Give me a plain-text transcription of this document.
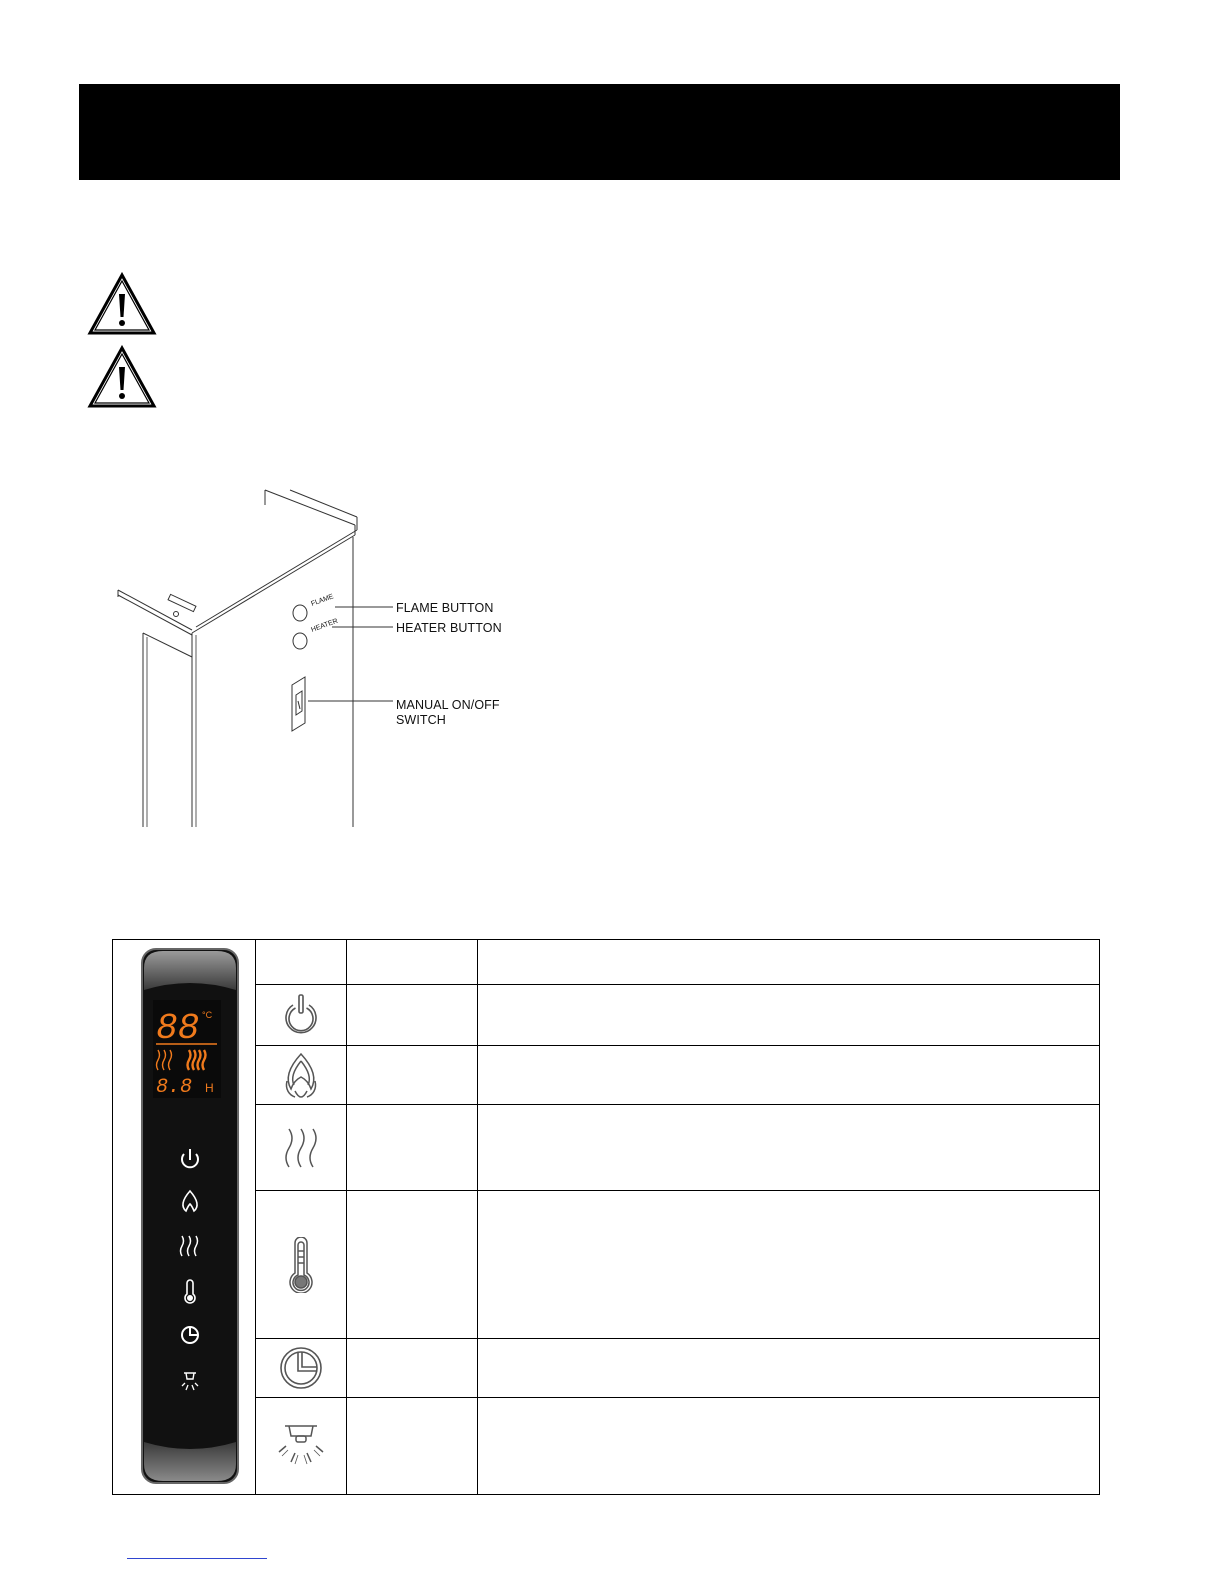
FLAME
HEATER
FLAME BUTTON
HEATER BUTTON
MANUAL ON/OFF
SWITCH
88 °C
8.8 H			
